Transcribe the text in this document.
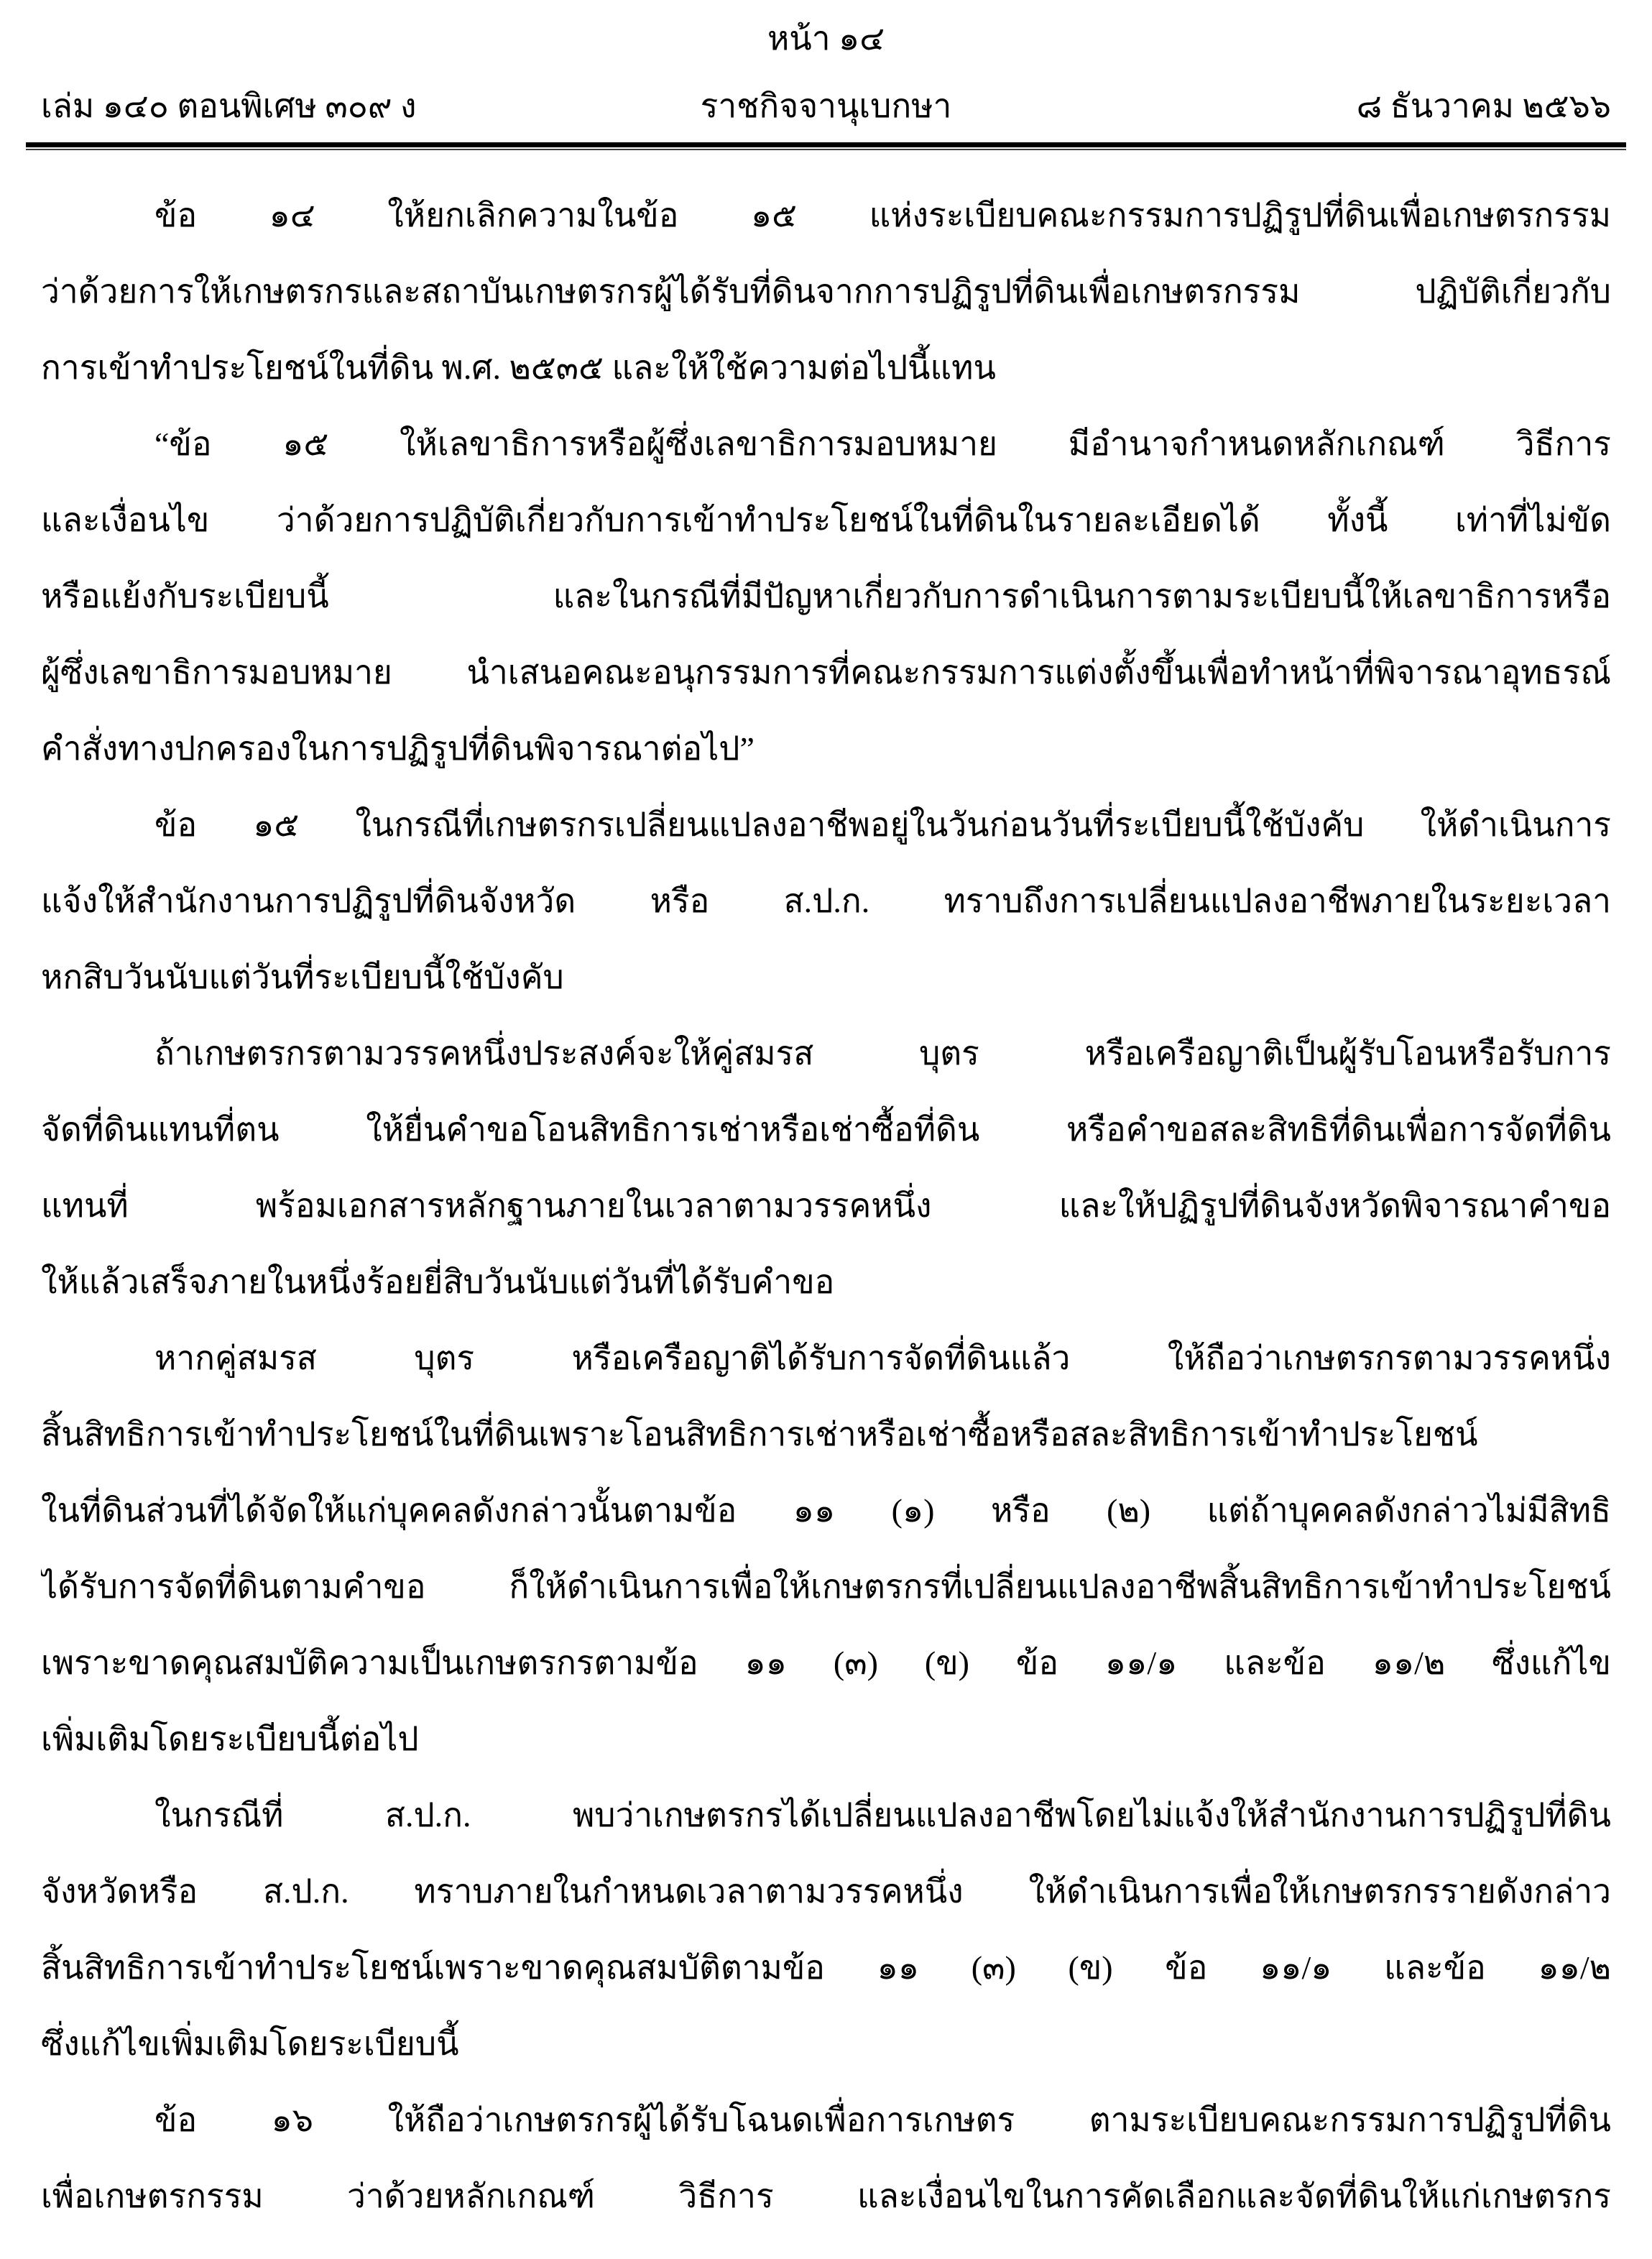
หน้า ๑๔
เล่ม ๑๔๐ ตอนพิเศษ ๓๐๙ ง	ราชกิจจานุเบกษา	๘ ธันวาคม ๒๕๖๖
ข้อ ๑๔ ให้ยกเลิกความในข้อ ๑๕ แห่งระเบียบคณะกรรมการปฏิรูปที่ดินเพื่อเกษตรกรรม
ว่าด้วยการให้เกษตรกรและสถาบันเกษตรกรผู้ได้รับที่ดินจากการปฏิรูปที่ดินเพื่อเกษตรกรรม ปฏิบัติเกี่ยวกับ
การเข้าทำประโยชน์ในที่ดิน พ.ศ. ๒๕๓๕ และให้ใช้ความต่อไปนี้แทน
“ข้อ ๑๕ ให้เลขาธิการหรือผู้ซึ่งเลขาธิการมอบหมาย มีอำนาจกำหนดหลักเกณฑ์ วิธีการ
และเงื่อนไข ว่าด้วยการปฏิบัติเกี่ยวกับการเข้าทำประโยชน์ในที่ดินในรายละเอียดได้ ทั้งนี้ เท่าที่ไม่ขัด
หรือแย้งกับระเบียบนี้ และในกรณีที่มีปัญหาเกี่ยวกับการดำเนินการตามระเบียบนี้ให้เลขาธิการหรือ
ผู้ซึ่งเลขาธิการมอบหมาย นำเสนอคณะอนุกรรมการที่คณะกรรมการแต่งตั้งขึ้นเพื่อทำหน้าที่พิจารณาอุทธรณ์
คำสั่งทางปกครองในการปฏิรูปที่ดินพิจารณาต่อไป”
ข้อ ๑๕ ในกรณีที่เกษตรกรเปลี่ยนแปลงอาชีพอยู่ในวันก่อนวันที่ระเบียบนี้ใช้บังคับ ให้ดำเนินการ
แจ้งให้สำนักงานการปฏิรูปที่ดินจังหวัด หรือ ส.ป.ก. ทราบถึงการเปลี่ยนแปลงอาชีพภายในระยะเวลา
หกสิบวันนับแต่วันที่ระเบียบนี้ใช้บังคับ
ถ้าเกษตรกรตามวรรคหนึ่งประสงค์จะให้คู่สมรส บุตร หรือเครือญาติเป็นผู้รับโอนหรือรับการ
จัดที่ดินแทนที่ตน ให้ยื่นคำขอโอนสิทธิการเช่าหรือเช่าซื้อที่ดิน หรือคำขอสละสิทธิที่ดินเพื่อการจัดที่ดิน
แทนที่ พร้อมเอกสารหลักฐานภายในเวลาตามวรรคหนึ่ง และให้ปฏิรูปที่ดินจังหวัดพิจารณาคำขอ
ให้แล้วเสร็จภายในหนึ่งร้อยยี่สิบวันนับแต่วันที่ได้รับคำขอ
หากคู่สมรส บุตร หรือเครือญาติได้รับการจัดที่ดินแล้ว ให้ถือว่าเกษตรกรตามวรรคหนึ่ง
สิ้นสิทธิการเข้าทำประโยชน์ในที่ดินเพราะโอนสิทธิการเช่าหรือเช่าซื้อหรือสละสิทธิการเข้าทำประโยชน์
ในที่ดินส่วนที่ได้จัดให้แก่บุคคลดังกล่าวนั้นตามข้อ ๑๑ (๑) หรือ (๒) แต่ถ้าบุคคลดังกล่าวไม่มีสิทธิ
ได้รับการจัดที่ดินตามคำขอ ก็ให้ดำเนินการเพื่อให้เกษตรกรที่เปลี่ยนแปลงอาชีพสิ้นสิทธิการเข้าทำประโยชน์
เพราะขาดคุณสมบัติความเป็นเกษตรกรตามข้อ ๑๑ (๓) (ข) ข้อ ๑๑/๑ และข้อ ๑๑/๒ ซึ่งแก้ไข
เพิ่มเติมโดยระเบียบนี้ต่อไป
ในกรณีที่ ส.ป.ก. พบว่าเกษตรกรได้เปลี่ยนแปลงอาชีพโดยไม่แจ้งให้สำนักงานการปฏิรูปที่ดิน
จังหวัดหรือ ส.ป.ก. ทราบภายในกำหนดเวลาตามวรรคหนึ่ง ให้ดำเนินการเพื่อให้เกษตรกรรายดังกล่าว
สิ้นสิทธิการเข้าทำประโยชน์เพราะขาดคุณสมบัติตามข้อ ๑๑ (๓) (ข) ข้อ ๑๑/๑ และข้อ ๑๑/๒
ซึ่งแก้ไขเพิ่มเติมโดยระเบียบนี้
ข้อ ๑๖ ให้ถือว่าเกษตรกรผู้ได้รับโฉนดเพื่อการเกษตร ตามระเบียบคณะกรรมการปฏิรูปที่ดิน
เพื่อเกษตรกรรม ว่าด้วยหลักเกณฑ์ วิธีการ และเงื่อนไขในการคัดเลือกและจัดที่ดินให้แก่เกษตรกร
